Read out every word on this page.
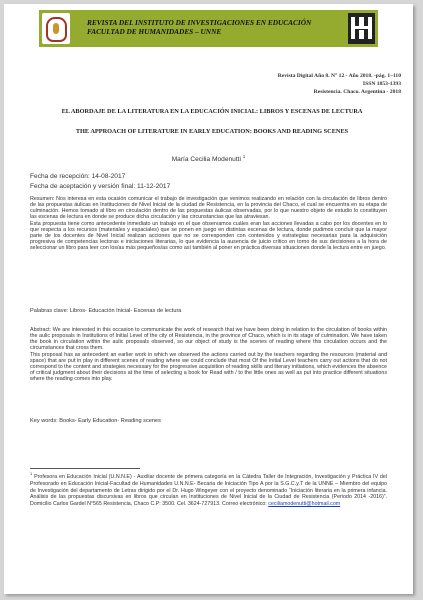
REVISTA DEL INSTITUTO DE INVESTIGACIONES EN EDUCACIÓN
FACULTAD DE HUMANIDADES – UNNE
Revista Digital Año 8. N° 12 - Año 2018. -pág. 1–110
ISSN 1853-1393
Resistencia. Chaco. Argentina - 2018
EL ABORDAJE DE LA LITERATURA EN LA EDUCACIÓN INICIAL: LIBROS Y ESCENAS DE LECTURA
THE APPROACH OF LITERATURE IN EARLY EDUCATION: BOOKS AND READING SCENES
María Cecilia Modenutti $^1$
Fecha de recepción: 14-08-2017
Fecha de aceptación y versión final: 11-12-2017

Resumen: Nos interesa en esta ocasión comunicar el trabajo de investigación que venimos realizando en relación con la circulación de libros dentro de las propuestas áulicas en Instituciones de Nivel Inicial de la ciudad de Resistencia, en la provincia del Chaco, el cual se encuentra en su etapa de culminación. Hemos tomado al libro en circulación dentro de las propuestas áulicas observadas, por lo que nuestro objeto de estudio lo constituyen las escenas de lectura en donde se produce dicha circulación y las circunstancias que las atraviesan.

Esta propuesta tiene como antecedente inmediato un trabajo en el que observamos cuáles eran las acciones llevadas a cabo por los docentes en lo que respecta a los recursos (materiales y espaciales) que se ponen en juego en distintas escenas de lectura, donde pudimos concluir que la mayor parte de los docentes de Nivel Inicial realizan acciones que no se corresponden con contenidos y estrategias necesarias para la adquisición progresiva de competencias lectoras e iniciaciones literarias, lo que evidencia la ausencia de juicio crítico en torno de sus decisiones a la hora de seleccionar un libro para leer con los/as más pequeños/as como así también al poner en práctica diversas situaciones donde la lectura entre en juego.

Palabras clave: Libros- Educación Inicial- Escenas de lectura

Abstract: We are interested in this occasion to communicate the work of research that we have been doing in relation to the circulation of books within the aulic proposals in Institutions of Initial Level of the city of Resistencia, in the province of Chaco, which is in its stage of culmination. We have taken the book in circulation within the aulic proposals observed, so our object of study is the scenes of reading where this circulation occurs and the circumstances that cross them.

This proposal has as antecedent an earlier work in which we observed the actions carried out by the teachers regarding the resources (material and space) that are put in play in different scenes of reading where we could conclude that most Of the Initial Level teachers carry out actions that do not correspond to the content and strategies necessary for the progressive acquisition of reading skills and literary initiations, which evidences the absence of critical judgment about their decisions at the time of selecting a book for Read with / to the little ones as well as put into practice different situations where the reading comes into play.

Key words: Books- Early Education- Reading scenes
$^1$ Profesora en Educación Inicial (U.N.N.E) - Auxiliar docente de primera categoría en la Cátedra Taller de Integración, Investigación y Práctica IV del Profesorado en Educación Inicial-Facultad de Humanidades U.N.N.E- Becaria de Iniciación Tipo A por la S.G.C.y.T de la UNNE – Miembro del equipo de Investigación del departamento de Letras dirigido por el Dr. Hugo Wingeyer con el proyecto denominado “Iniciación literaria en la primera infancia. Análisis de las propuestas discursivas en libros que circulan en Instituciones de Nivel Inicial de la Ciudad de Resistencia (Periodo 2014 -2016)”. Domicilio Carlos Gardel N°565 Resistencia, Chaco C.P: 3500. Cel. 3624-727913. Correo electrónico: ceciliamodenutti@hotmail.com
